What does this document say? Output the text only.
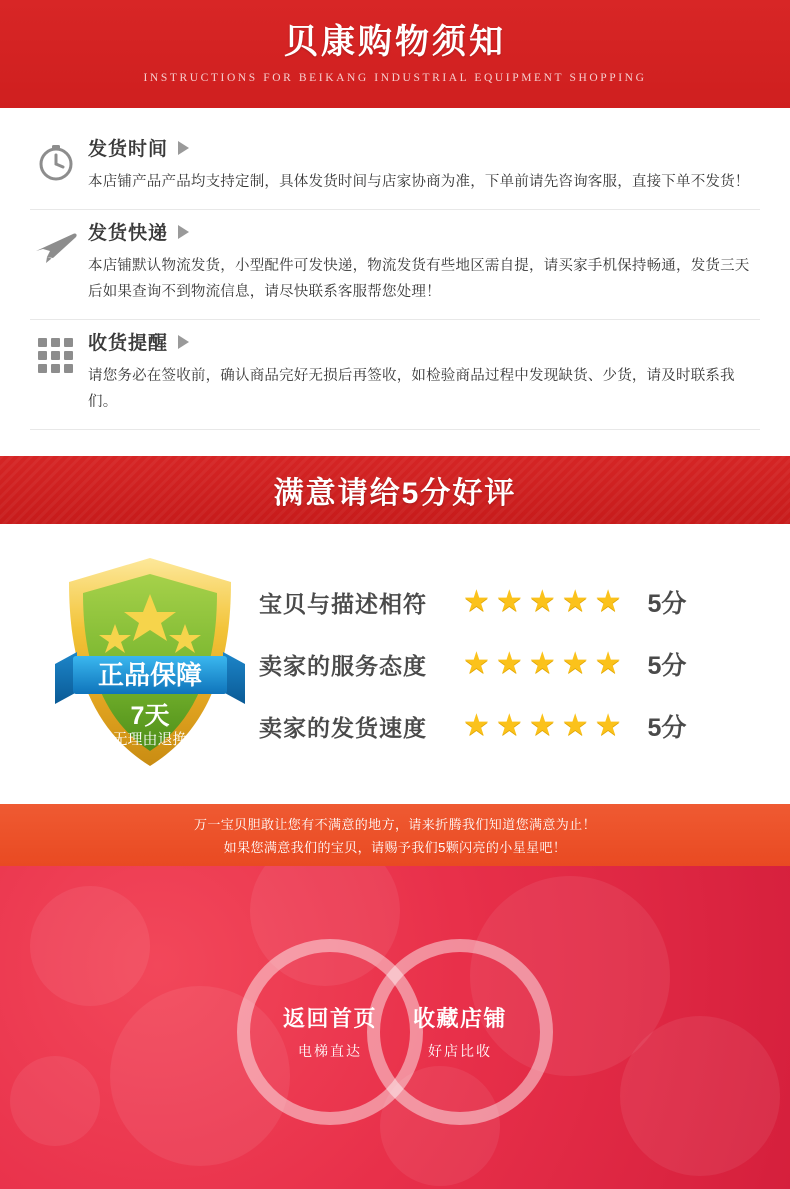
贝康购物须知
INSTRUCTIONS FOR BEIKANG INDUSTRIAL EQUIPMENT SHOPPING
发货时间
本店铺产品产品均支持定制，具体发货时间与店家协商为准，下单前请先咨询客服，直接下单不发货！
发货快递
本店铺默认物流发货，小型配件可发快递，物流发货有些地区需自提，请买家手机保持畅通，发货三天后如果查询不到物流信息，请尽快联系客服帮您处理！
收货提醒
请您务必在签收前，确认商品完好无损后再签收，如检验商品过程中发现缺货、少货，请及时联系我们。
满意请给5分好评
正品保障
7天
无理由退换
宝贝与描述相符	★ ★ ★ ★ ★ 5分
卖家的服务态度	★ ★ ★ ★ ★ 5分
卖家的发货速度	★ ★ ★ ★ ★ 5分
万一宝贝胆敢让您有不满意的地方，请来折腾我们知道您满意为止！
如果您满意我们的宝贝，请赐予我们5颗闪亮的小星星吧！
返回首页
电梯直达
收藏店铺
好店比收
